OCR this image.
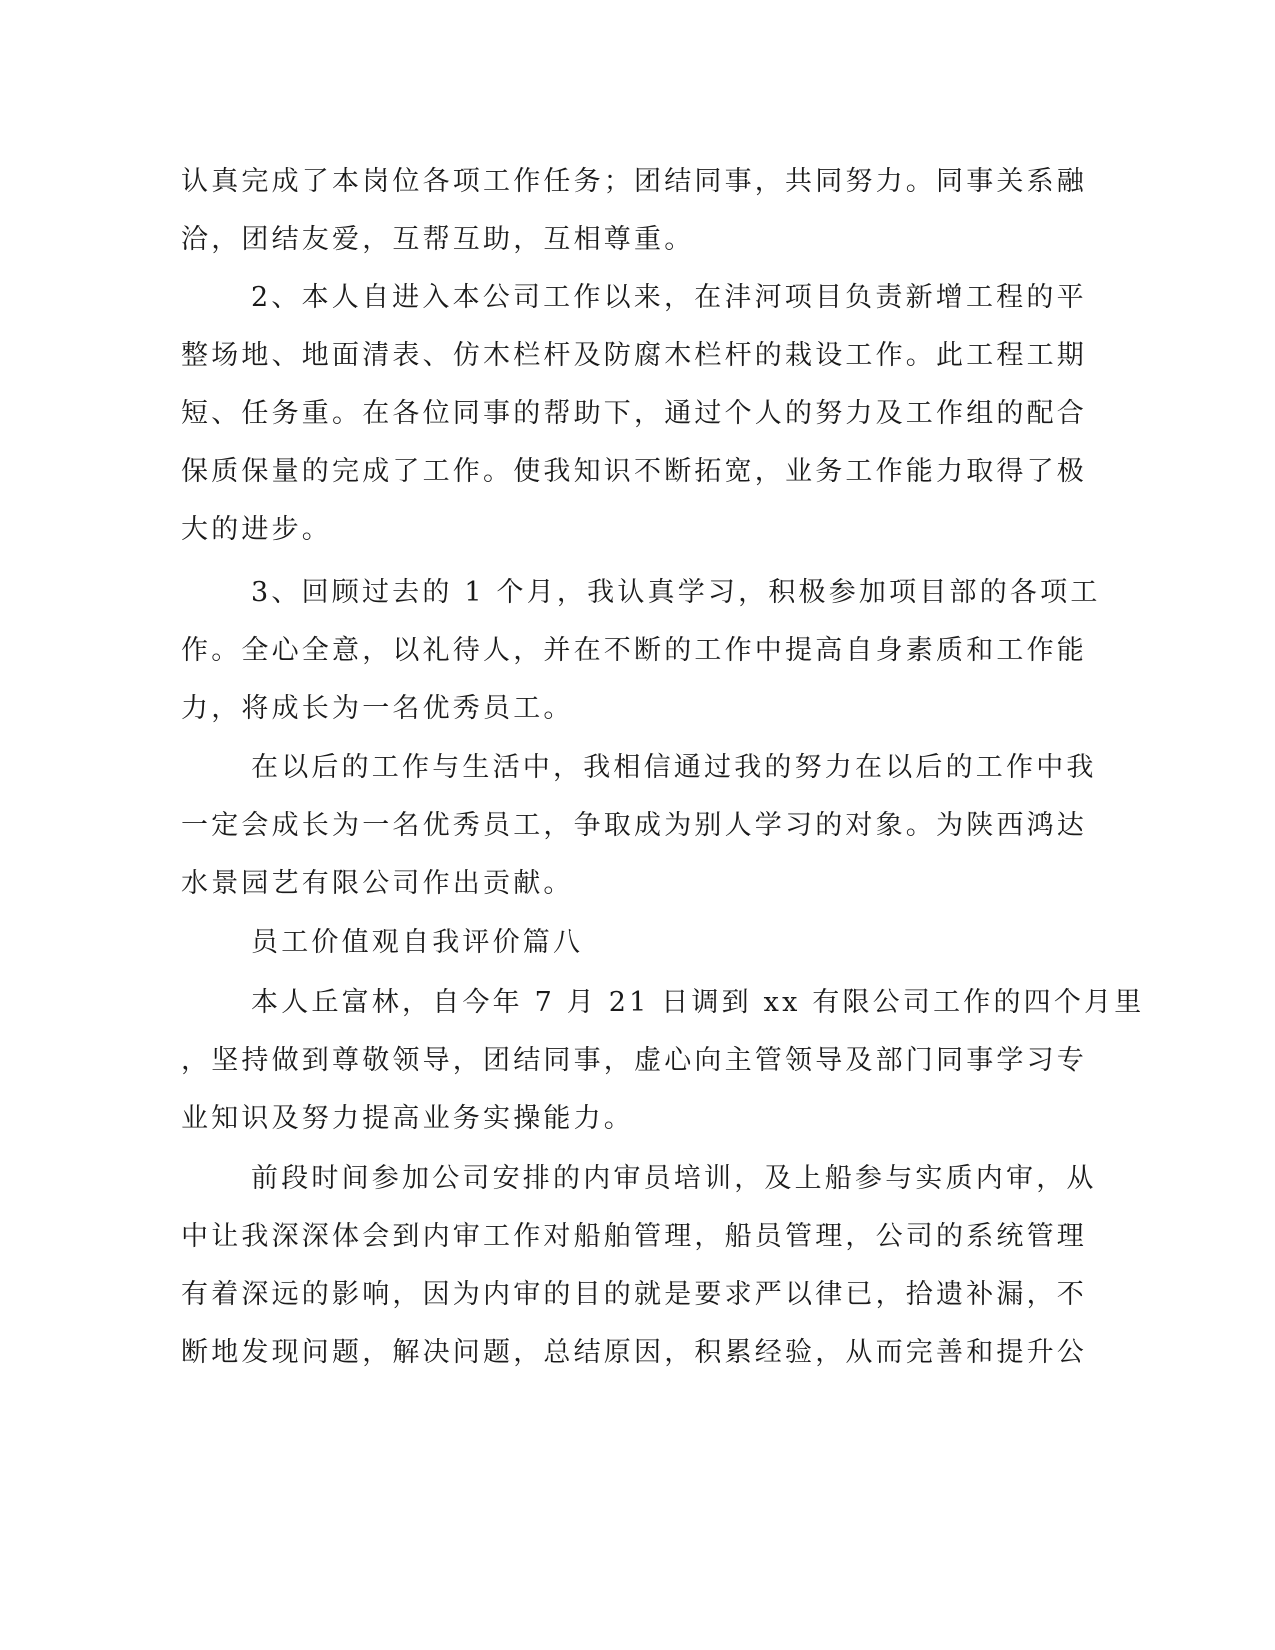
认真完成了本岗位各项工作任务；团结同事，共同努力。同事关系融
洽，团结友爱，互帮互助，互相尊重。
2、本人自进入本公司工作以来，在沣河项目负责新增工程的平
整场地、地面清表、仿木栏杆及防腐木栏杆的栽设工作。此工程工期
短、任务重。在各位同事的帮助下，通过个人的努力及工作组的配合
保质保量的完成了工作。使我知识不断拓宽，业务工作能力取得了极
大的进步。
3、回顾过去的 1 个月，我认真学习，积极参加项目部的各项工
作。全心全意，以礼待人，并在不断的工作中提高自身素质和工作能
力，将成长为一名优秀员工。
在以后的工作与生活中，我相信通过我的努力在以后的工作中我
一定会成长为一名优秀员工，争取成为别人学习的对象。为陕西鸿达
水景园艺有限公司作出贡献。
员工价值观自我评价篇八
本人丘富林，自今年 7 月 21 日调到 xx 有限公司工作的四个月里
，坚持做到尊敬领导，团结同事，虚心向主管领导及部门同事学习专
业知识及努力提高业务实操能力。
前段时间参加公司安排的内审员培训，及上船参与实质内审，从
中让我深深体会到内审工作对船舶管理，船员管理，公司的系统管理
有着深远的影响，因为内审的目的就是要求严以律已，拾遗补漏，不
断地发现问题，解决问题，总结原因，积累经验，从而完善和提升公
